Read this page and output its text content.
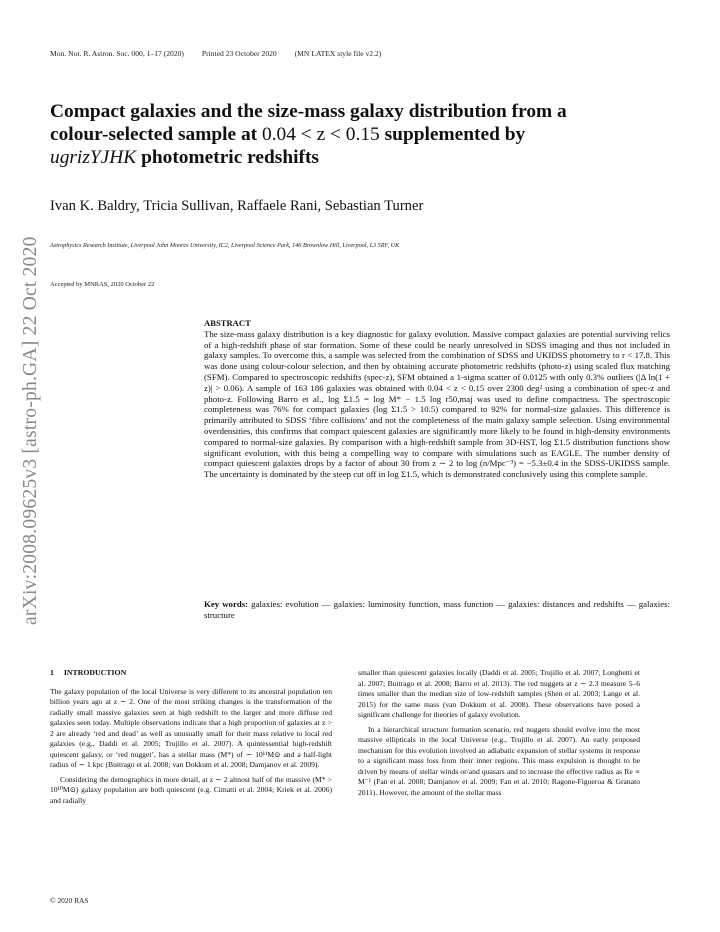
Mon. Not. R. Astron. Soc. 000, 1–17 (2020) Printed 23 October 2020 (MN LATEX style file v2.2)
arXiv:2008.09625v3 [astro-ph.GA] 22 Oct 2020
Compact galaxies and the size-mass galaxy distribution from a
colour-selected sample at 0.04 < z < 0.15 supplemented by
ugrizYJHK photometric redshifts
Ivan K. Baldry, Tricia Sullivan, Raffaele Rani, Sebastian Turner
Astrophysics Research Institute, Liverpool John Moores University, IC2, Liverpool Science Park, 146 Brownlow Hill, Liverpool, L3 5RF, UK
Accepted by MNRAS, 2020 October 22
ABSTRACT
The size-mass galaxy distribution is a key diagnostic for galaxy evolution. Massive compact galaxies are potential surviving relics of a high-redshift phase of star formation. Some of these could be nearly unresolved in SDSS imaging and thus not included in galaxy samples. To overcome this, a sample was selected from the combination of SDSS and UKIDSS photometry to r < 17.8. This was done using colour-colour selection, and then by obtaining accurate photometric redshifts (photo-z) using scaled flux matching (SFM). Compared to spectroscopic redshifts (spec-z), SFM obtained a 1-sigma scatter of 0.0125 with only 0.3% outliers (|Δ ln(1 + z)| > 0.06). A sample of 163 186 galaxies was obtained with 0.04 < z < 0.15 over 2300 deg² using a combination of spec-z and photo-z. Following Barro et al., log Σ1.5 = log M* − 1.5 log r50,maj was used to define compactness. The spectroscopic completeness was 76% for compact galaxies (log Σ1.5 > 10.5) compared to 92% for normal-size galaxies. This difference is primarily attributed to SDSS ‘fibre collisions’ and not the completeness of the main galaxy sample selection. Using environmental overdensities, this confirms that compact quiescent galaxies are significantly more likely to be found in high-density environments compared to normal-size galaxies. By comparison with a high-redshift sample from 3D-HST, log Σ1.5 distribution functions show significant evolution, with this being a compelling way to compare with simulations such as EAGLE. The number density of compact quiescent galaxies drops by a factor of about 30 from z ∼ 2 to log (n/Mpc⁻³) = −5.3±0.4 in the SDSS-UKIDSS sample. The uncertainty is dominated by the steep cut off in log Σ1.5, which is demonstrated conclusively using this complete sample.
Key words: galaxies: evolution — galaxies: luminosity function, mass function — galaxies: distances and redshifts — galaxies: structure
1 INTRODUCTION

The galaxy population of the local Universe is very different to its ancestral population ten billion years ago at z ∼ 2. One of the most striking changes is the transformation of the radially small massive galaxies seen at high redshift to the larger and more diffuse red galaxies seen today. Multiple observations indicate that a high proportion of galaxies at z > 2 are already ‘red and dead’ as well as unusually small for their mass relative to local red galaxies (e.g., Daddi et al. 2005; Trujillo et al. 2007). A quintessential high-redshift quiescent galaxy, or ‘red nugget’, has a stellar mass (M*) of ∼ 10¹¹M⊙ and a half-light radius of ∼ 1 kpc (Buitrago et al. 2008; van Dokkum et al. 2008; Damjanov et al. 2009).

Considering the demographics in more detail, at z ∼ 2 almost half of the massive (M* > 10¹⁰M⊙) galaxy population are both quiescent (e.g. Cimatti et al. 2004; Kriek et al. 2006) and radially

smaller than quiescent galaxies locally (Daddi et al. 2005; Trujillo et al. 2007; Longhetti et al. 2007; Buitrago et al. 2008; Barro et al. 2013). The red nuggets at z ∼ 2.3 measure 5–6 times smaller than the median size of low-redshift samples (Shen et al. 2003; Lange et al. 2015) for the same mass (van Dokkum et al. 2008). These observations have posed a significant challenge for theories of galaxy evolution.

In a hierarchical structure formation scenario, red nuggets should evolve into the most massive ellipticals in the local Universe (e.g., Trujillo et al. 2007). An early proposed mechanism for this evolution involved an adiabatic expansion of stellar systems in response to a significant mass loss from their inner regions. This mass expulsion is thought to be driven by means of stellar winds or/and quasars and to increase the effective radius as Re ∝ M⁻¹ (Fan et al. 2008; Damjanov et al. 2009; Fan et al. 2010; Ragone-Figueroa & Granato 2011). However, the amount of the stellar mass

© 2020 RAS
